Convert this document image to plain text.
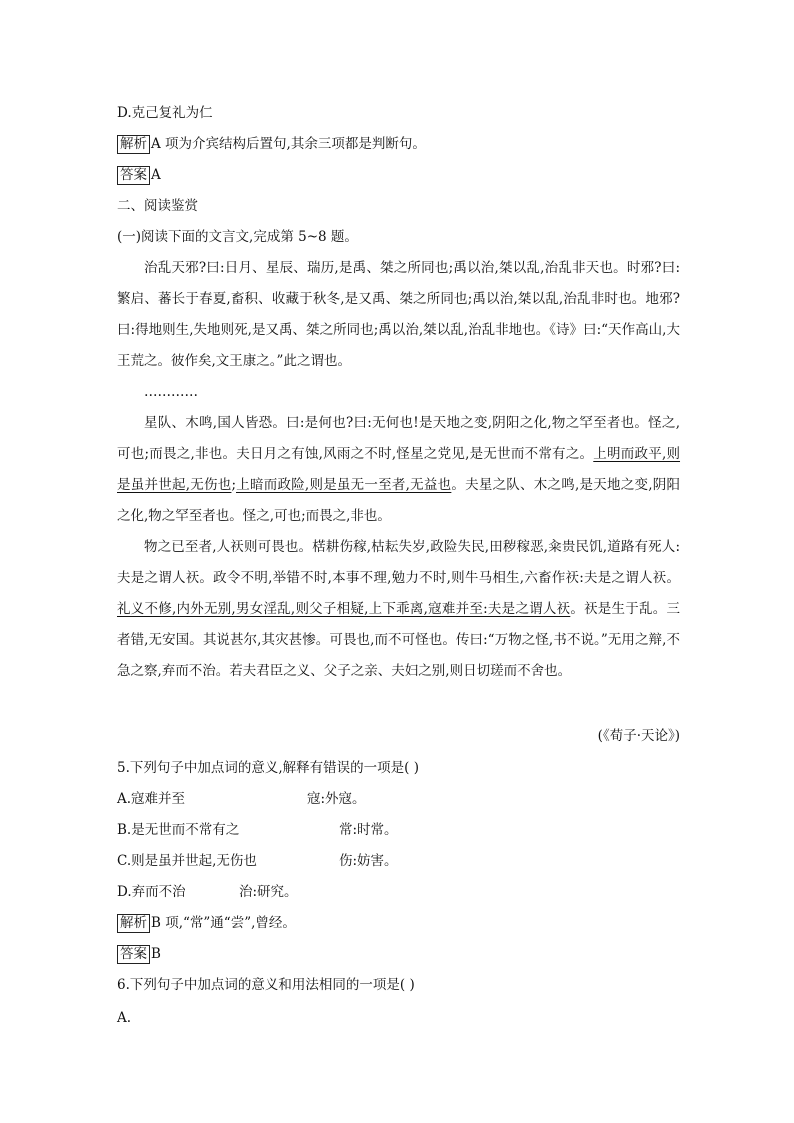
D.克己复礼为仁
解析 A 项为介宾结构后置句,其余三项都是判断句。
答案 A
二、阅读鉴赏
(一)阅读下面的文言文,完成第 5~8 题。

治乱天邪?曰:日月、星辰、瑞历,是禹、桀之所同也;禹以治,桀以乱,治乱非天也。时邪?曰:繁启、蕃长于春夏,畜积、收藏于秋冬,是又禹、桀之所同也;禹以治,桀以乱,治乱非时也。地邪?曰:得地则生,失地则死,是又禹、桀之所同也;禹以治,桀以乱,治乱非地也。《诗》曰:“天作高山,大王荒之。彼作矣,文王康之。”此之谓也。

…………

星队、木鸣,国人皆恐。曰:是何也?曰:无何也!是天地之变,阴阳之化,物之罕至者也。怪之,可也;而畏之,非也。夫日月之有蚀,风雨之不时,怪星之党见,是无世而不常有之。上明而政平,则是虽并世起,无伤也;上暗而政险,则是虽无一至者,无益也。夫星之队、木之鸣,是天地之变,阴阳之化,物之罕至者也。怪之,可也;而畏之,非也。

物之已至者,人祆则可畏也。楛耕伤稼,枯耘失岁,政险失民,田秽稼恶,籴贵民饥,道路有死人:夫是之谓人祆。政令不明,举错不时,本事不理,勉力不时,则牛马相生,六畜作祆:夫是之谓人祆。礼义不修,内外无别,男女淫乱,则父子相疑,上下乖离,寇难并至:夫是之谓人祆。祆是生于乱。三者错,无安国。其说甚尔,其灾甚惨。可畏也,而不可怪也。传曰:“万物之怪,书不说。”无用之辩,不急之察,弃而不治。若夫君臣之义、父子之亲、夫妇之别,则日切瑳而不舍也。

(《荀子·天论》)
5.下列句子中加点词的意义,解释有错误的一项是( )
A.寇难并至	寇:外寇。
B.是无世而不常有之	常:时常。
C.则是虽并世起,无伤也	伤:妨害。
D.弃而不治	治:研究。
解析 B 项,“常”通“尝”,曾经。
答案 B
6.下列句子中加点词的意义和用法相同的一项是( )
A.
